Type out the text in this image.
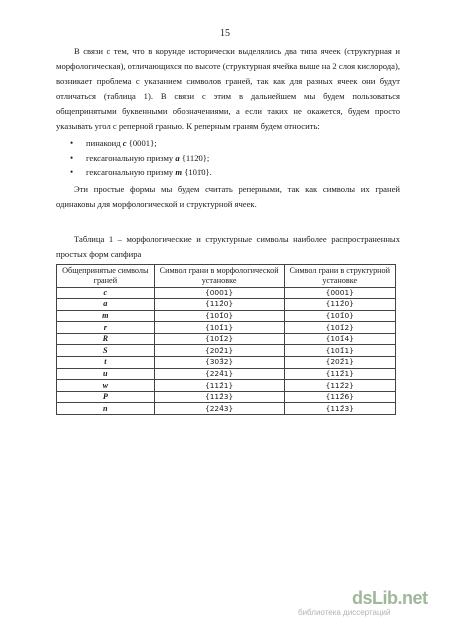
15

В связи с тем, что в корунде исторически выделялись два типа ячеек (структурная и морфологическая), отличающихся по высоте (структурная ячейка выше на 2 слоя кислорода), возникает проблема с указанием символов граней, так как для разных ячеек они будут отличаться (таблица 1). В связи с этим в дальнейшем мы будем пользоваться общепринятыми буквенными обозначениями, а если таких не окажется, будем просто указывать угол с реперной гранью. К реперным граням будем относить:

• пинакоид c {0001};
• гексагональную призму a {112̄0};
• гексагональную призму m {101̄0}.

Эти простые формы мы будем считать реперными, так как символы их граней одинаковы для морфологической и структурной ячеек.

Таблица 1 – морфологические и структурные символы наиболее распространенных простых форм сапфира

Общепринятые символы граней	Символ грани в морфологической установке	Символ грани в структурной установке
c	{0001}	{0001}
a	{112̄0}	{112̄0}
m	{101̄0}	{101̄0}
r	{101̄1}	{101̄2}
R	{101̄2}	{101̄4}
S	{202̄1}	{101̄1}
t	{303̄2}	{202̄1}
u	{224̄1}	{112̄1}
w	{112̄1}	{112̄2}
P	{112̄3}	{112̄6}
n	{224̄3}	{112̄3}
dsLib.net
библиотека диссертаций
